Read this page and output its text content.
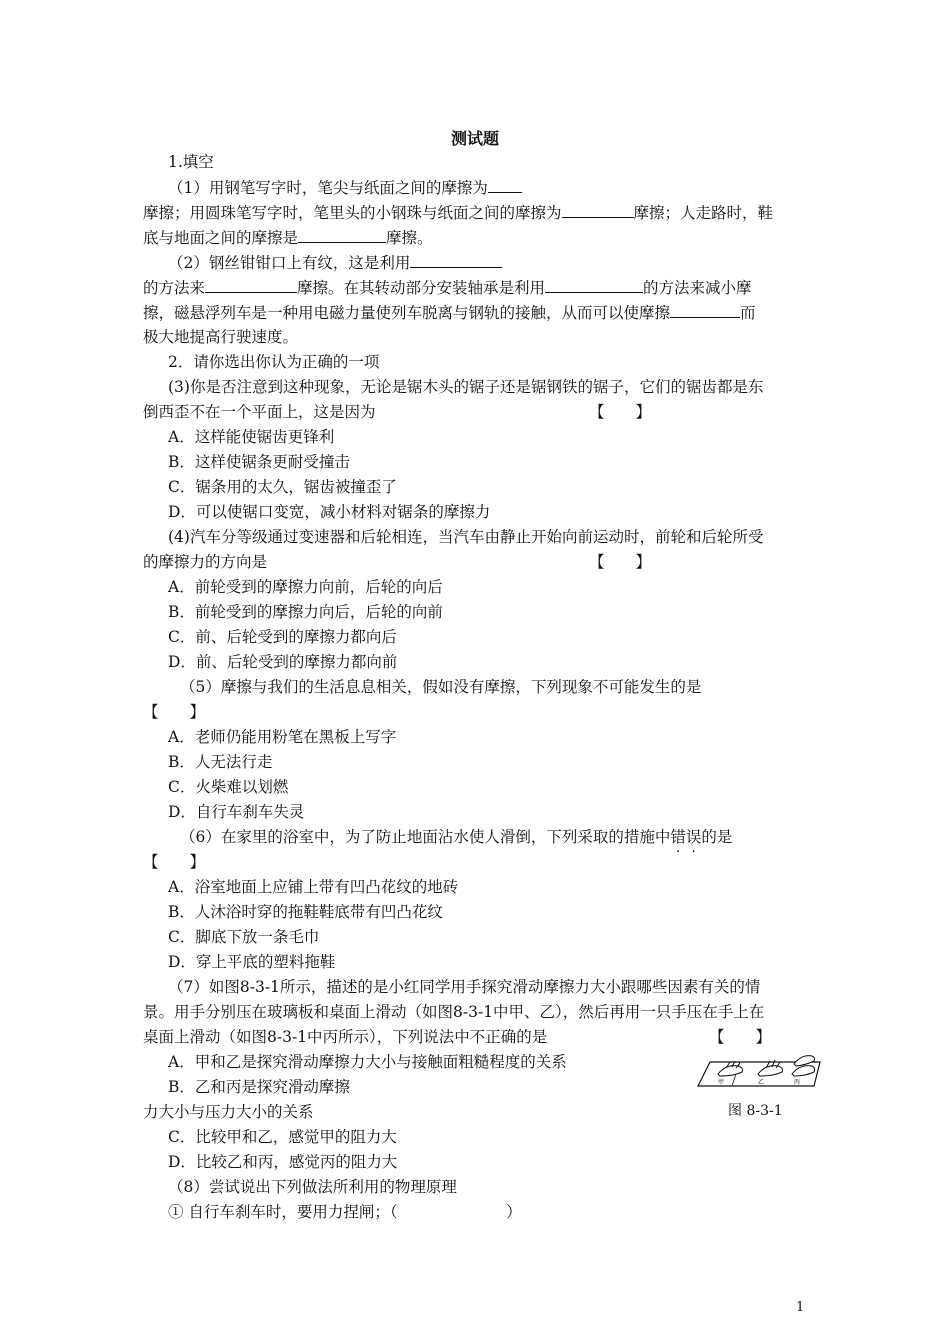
测试题
1.填空
（1）用钢笔写字时，笔尖与纸面之间的摩擦为
摩擦；用圆珠笔写字时，笔里头的小钢珠与纸面之间的摩擦为	摩擦；人走路时，鞋
底与地面之间的摩擦是	摩擦。
（2）钢丝钳钳口上有纹，这是利用
的方法来	摩擦。在其转动部分安装轴承是利用	的方法来减小摩
擦，磁悬浮列车是一种用电磁力量使列车脱离与钢轨的接触，从而可以使摩擦	而
极大地提高行驶速度。
2．请你选出你认为正确的一项
(3)你是否注意到这种现象，无论是锯木头的锯子还是锯钢铁的锯子，它们的锯齿都是东
倒西歪不在一个平面上，这是因为	【　　】
A．这样能使锯齿更锋利
B．这样使锯条更耐受撞击
C．锯条用的太久，锯齿被撞歪了
D．可以使锯口变宽，减小材料对锯条的摩擦力
(4)汽车分等级通过变速器和后轮相连，当汽车由静止开始向前运动时，前轮和后轮所受
的摩擦力的方向是	【　　】
A．前轮受到的摩擦力向前，后轮的向后
B．前轮受到的摩擦力向后，后轮的向前
C．前、后轮受到的摩擦力都向后
D．前、后轮受到的摩擦力都向前
（5）摩擦与我们的生活息息相关，假如没有摩擦，下列现象不可能发生的是
【　　】
A．老师仍能用粉笔在黑板上写字
B．人无法行走
C．火柴难以划燃
D．自行车刹车失灵
（6）在家里的浴室中，为了防止地面沾水使人滑倒，下列采取的措施中错误的是
【　　】
A．浴室地面上应铺上带有凹凸花纹的地砖
B．人沐浴时穿的拖鞋鞋底带有凹凸花纹
C．脚底下放一条毛巾
D．穿上平底的塑料拖鞋
（7）如图8-3-1所示，描述的是小红同学用手探究滑动摩擦力大小跟哪些因素有关的情
景。用手分别压在玻璃板和桌面上滑动（如图8-3-1中甲、乙），然后再用一只手压在手上在
桌面上滑动（如图8-3-1中丙所示），下列说法中不正确的是	【　　】
A．甲和乙是探究滑动摩擦力大小与接触面粗糙程度的关系
B．乙和丙是探究滑动摩擦
力大小与压力大小的关系
C．比较甲和乙，感觉甲的阻力大
D．比较乙和丙，感觉丙的阻力大
（8）尝试说出下列做法所利用的物理原理
① 自行车刹车时，要用力捏闸；（　　　　　　　）
甲	乙	丙
图 8-3-1
1
